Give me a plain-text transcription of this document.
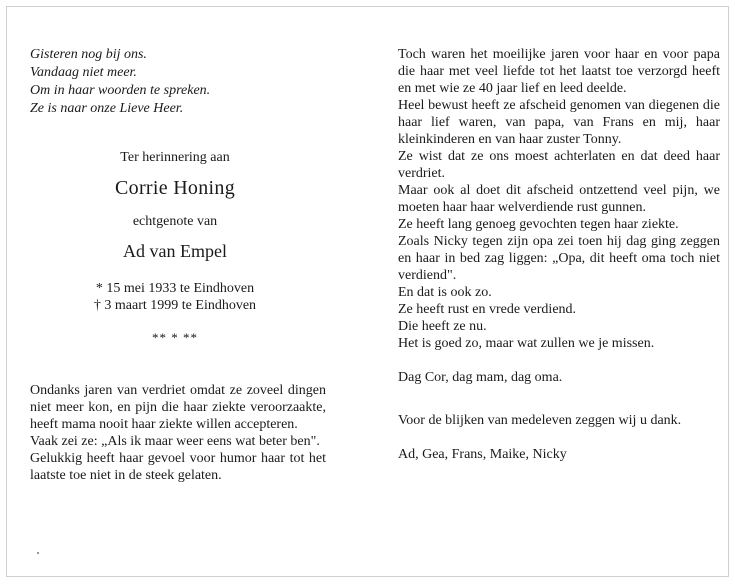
Gisteren nog bij ons.
Vandaag niet meer.
Om in haar woorden te spreken.
Ze is naar onze Lieve Heer.
Ter herinnering aan
Corrie Honing
echtgenote van
Ad van Empel
* 15 mei 1933 te Eindhoven
† 3 maart 1999 te Eindhoven
** * **

Ondanks jaren van verdriet omdat ze zoveel dingen niet meer kon, en pijn die haar ziekte veroorzaakte, heeft mama nooit haar ziekte willen accepteren.

Vaak zei ze: „Als ik maar weer eens wat beter ben".

Gelukkig heeft haar gevoel voor humor haar tot het laatste toe niet in de steek gelaten.

Toch waren het moeilijke jaren voor haar en voor papa die haar met veel liefde tot het laatst toe verzorgd heeft en met wie ze 40 jaar lief en leed deelde.

Heel bewust heeft ze afscheid genomen van diegenen die haar lief waren, van papa, van Frans en mij, haar kleinkinderen en van haar zuster Tonny.

Ze wist dat ze ons moest achterlaten en dat deed haar verdriet.

Maar ook al doet dit afscheid ontzettend veel pijn, we moeten haar haar welverdiende rust gunnen.

Ze heeft lang genoeg gevochten tegen haar ziekte.

Zoals Nicky tegen zijn opa zei toen hij dag ging zeggen en haar in bed zag liggen: „Opa, dit heeft oma toch niet verdiend".

En dat is ook zo.

Ze heeft rust en vrede verdiend.

Die heeft ze nu.

Het is goed zo, maar wat zullen we je missen.

Dag Cor, dag mam, dag oma.

Voor de blijken van medeleven zeggen wij u dank.

Ad, Gea, Frans, Maike, Nicky
